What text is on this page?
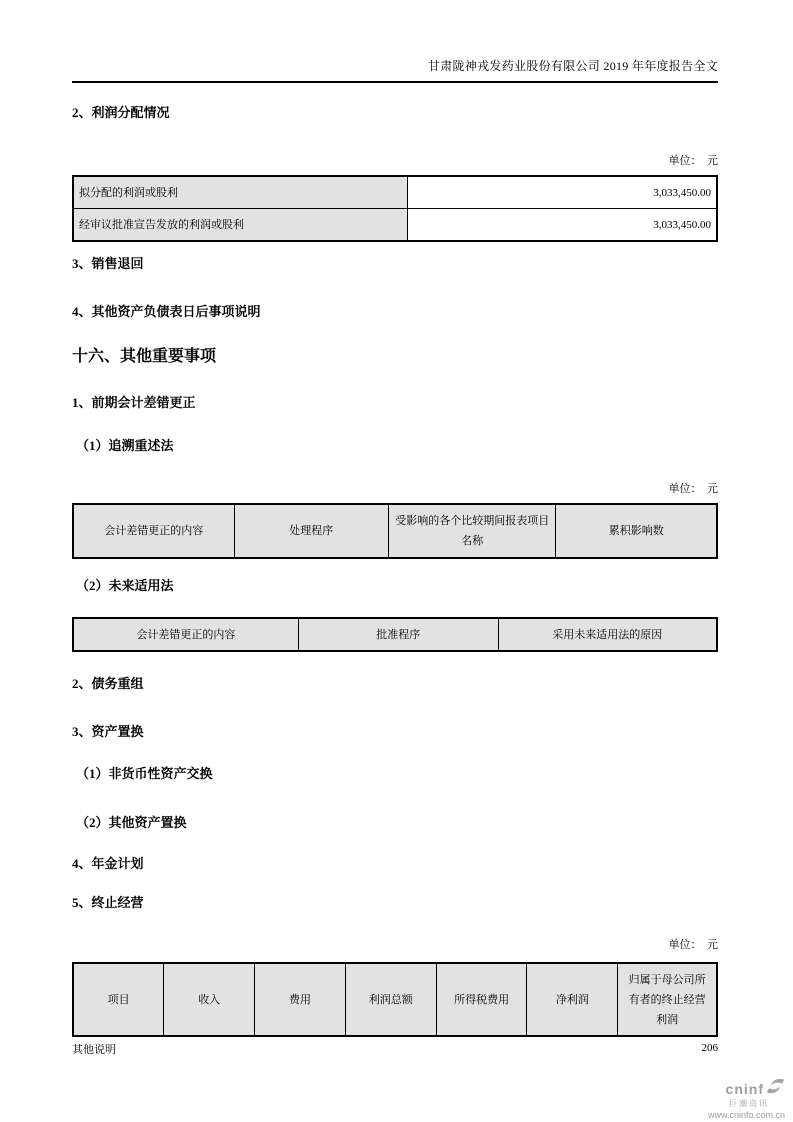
甘肃陇神戎发药业股份有限公司 2019 年年度报告全文
2、利润分配情况
单位：　元
拟分配的利润或股利	3,033,450.00
经审议批准宣告发放的利润或股利	3,033,450.00
3、销售退回
4、其他资产负债表日后事项说明
十六、其他重要事项
1、前期会计差错更正
（1）追溯重述法
单位：　元
会计差错更正的内容	处理程序	受影响的各个比较期间报表项目名称	累积影响数
（2）未来适用法
会计差错更正的内容	批准程序	采用未来适用法的原因
2、债务重组
3、资产置换
（1）非货币性资产交换
（2）其他资产置换
4、年金计划
5、终止经营
单位：　元
项目	收入	费用	利润总额	所得税费用	净利润	归属于母公司所有者的终止经营利润
其他说明	206
cninf
巨潮资讯
www.cninfo.com.cn
